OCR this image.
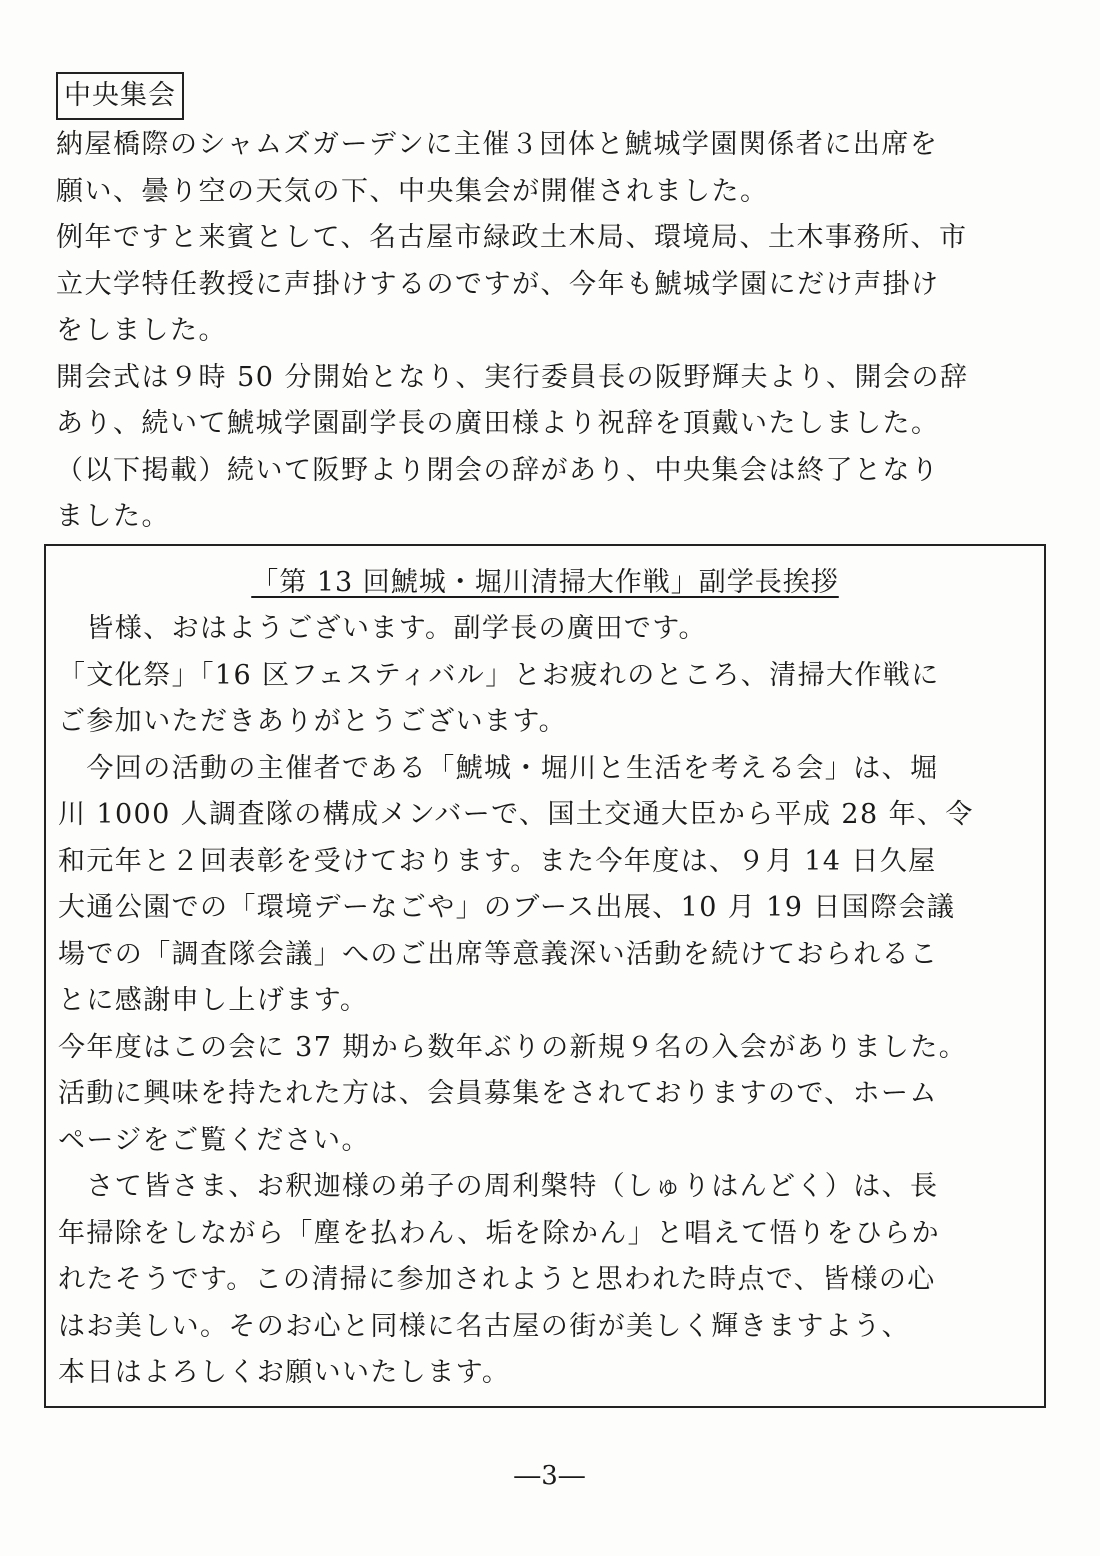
中央集会
納屋橋際のシャムズガーデンに主催３団体と鯱城学園関係者に出席を
願い、曇り空の天気の下、中央集会が開催されました。
例年ですと来賓として、名古屋市緑政土木局、環境局、土木事務所、市
立大学特任教授に声掛けするのですが、今年も鯱城学園にだけ声掛け
をしました。
開会式は９時 50 分開始となり、実行委員長の阪野輝夫より、開会の辞
あり、続いて鯱城学園副学長の廣田様より祝辞を頂戴いたしました。
（以下掲載）続いて阪野より閉会の辞があり、中央集会は終了となり
ました。
「第 13 回鯱城・堀川清掃大作戦」副学長挨拶
　皆様、おはようございます。副学長の廣田です。
「文化祭」「16 区フェスティバル」とお疲れのところ、清掃大作戦に
ご参加いただきありがとうございます。
　今回の活動の主催者である「鯱城・堀川と生活を考える会」は、堀
川 1000 人調査隊の構成メンバーで、国土交通大臣から平成 28 年、令
和元年と２回表彰を受けております。また今年度は、９月 14 日久屋
大通公園での「環境デーなごや」のブース出展、10 月 19 日国際会議
場での「調査隊会議」へのご出席等意義深い活動を続けておられるこ
とに感謝申し上げます。
今年度はこの会に 37 期から数年ぶりの新規９名の入会がありました。
活動に興味を持たれた方は、会員募集をされておりますので、ホーム
ページをご覧ください。
　さて皆さま、お釈迦様の弟子の周利槃特（しゅりはんどく）は、長
年掃除をしながら「塵を払わん、垢を除かん」と唱えて悟りをひらか
れたそうです。この清掃に参加されようと思われた時点で、皆様の心
はお美しい。そのお心と同様に名古屋の街が美しく輝きますよう、
本日はよろしくお願いいたします。
―3―
